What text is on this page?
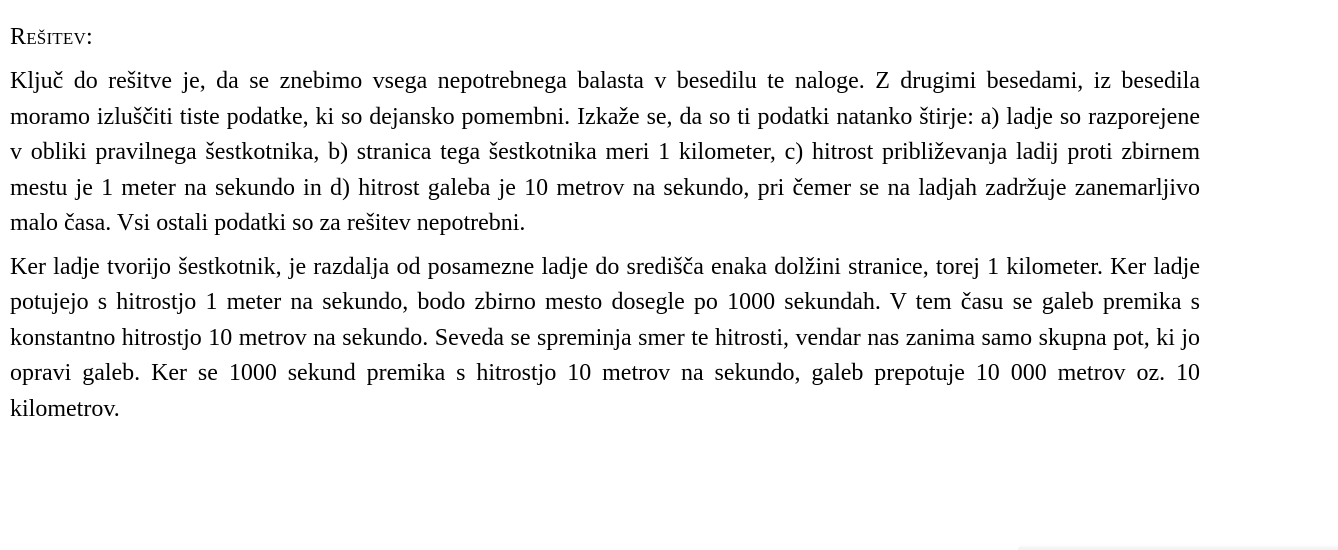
Rešitev:

Ključ do rešitve je, da se znebimo vsega nepotrebnega balasta v besedilu te naloge. Z drugimi besedami, iz besedila moramo izluščiti tiste podatke, ki so dejansko pomembni. Izkaže se, da so ti podatki natanko štirje: a) ladje so razporejene v obliki pravilnega šestkotnika, b) stranica tega šestkotnika meri 1 kilometer, c) hitrost približevanja ladij proti zbirnem mestu je 1 meter na sekundo in d) hitrost galeba je 10 metrov na sekundo, pri čemer se na ladjah zadržuje zanemarljivo malo časa. Vsi ostali podatki so za rešitev nepotrebni.

Ker ladje tvorijo šestkotnik, je razdalja od posamezne ladje do središča enaka dolžini stranice, torej 1 kilometer. Ker ladje potujejo s hitrostjo 1 meter na sekundo, bodo zbirno mesto dosegle po 1000 sekundah. V tem času se galeb premika s konstantno hitrostjo 10 metrov na sekundo. Seveda se spreminja smer te hitrosti, vendar nas zanima samo skupna pot, ki jo opravi galeb. Ker se 1000 sekund premika s hitrostjo 10 metrov na sekundo, galeb prepotuje 10 000 metrov oz. 10 kilometrov.
